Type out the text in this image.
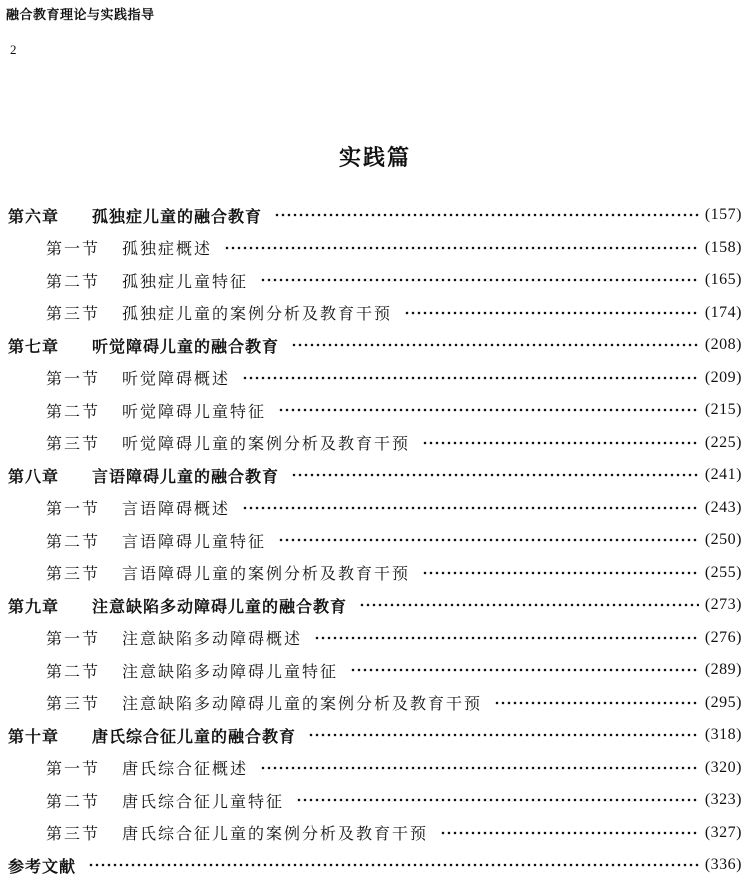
融合教育理论与实践指导
2
实践篇
第六章	孤独症儿童的融合教育	(157)
第一节	孤独症概述	(158)
第二节	孤独症儿童特征	(165)
第三节	孤独症儿童的案例分析及教育干预	(174)
第七章	听觉障碍儿童的融合教育	(208)
第一节	听觉障碍概述	(209)
第二节	听觉障碍儿童特征	(215)
第三节	听觉障碍儿童的案例分析及教育干预	(225)
第八章	言语障碍儿童的融合教育	(241)
第一节	言语障碍概述	(243)
第二节	言语障碍儿童特征	(250)
第三节	言语障碍儿童的案例分析及教育干预	(255)
第九章	注意缺陷多动障碍儿童的融合教育	(273)
第一节	注意缺陷多动障碍概述	(276)
第二节	注意缺陷多动障碍儿童特征	(289)
第三节	注意缺陷多动障碍儿童的案例分析及教育干预	(295)
第十章	唐氏综合征儿童的融合教育	(318)
第一节	唐氏综合征概述	(320)
第二节	唐氏综合征儿童特征	(323)
第三节	唐氏综合征儿童的案例分析及教育干预	(327)
参考文献	(336)
